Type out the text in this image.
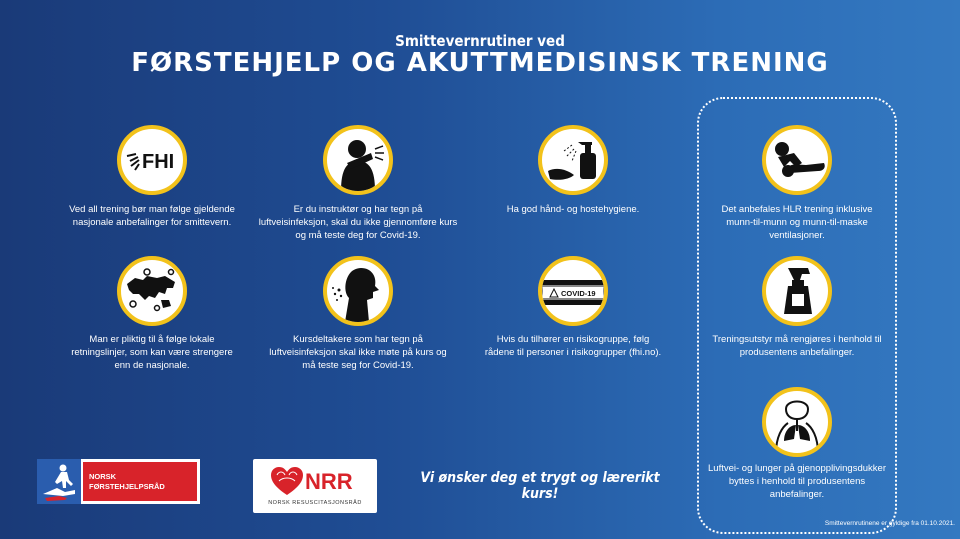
Smittevernrutiner ved
FØRSTEHJELP OG AKUTTMEDISINSK TRENING
FHI
Ved all trening bør man følge gjeldende nasjonale anbefalinger for smittevern.
Er du instruktør og har tegn på luftveisinfeksjon, skal du ikke gjennomføre kurs og må teste deg for Covid-19.
Ha god hånd- og hostehygiene.	Det anbefales HLR trening inklusive munn-til-munn og munn-til-maske ventilasjoner.
Man er pliktig til å følge lokale retningslinjer, som kan være strengere enn de nasjonale.
Kursdeltakere som har tegn på luftveisinfeksjon skal ikke møte på kurs og må teste seg for Covid-19.
COVID-19
Hvis du tilhører en risikogruppe, følg rådene til personer i risikogrupper (fhi.no).
Treningsutstyr må rengjøres i henhold til produsentens anbefalinger.
Luftvei- og lunger på gjenopplivingsdukker byttes i henhold til produsentens anbefalinger.
NORSK
FØRSTEHJELPSRÅD	NRR
NORSK RESUSCITASJONSRÅD
Vi ønsker deg et trygt og lærerikt kurs!
Smittevernrutinene er gyldige fra 01.10.2021.
